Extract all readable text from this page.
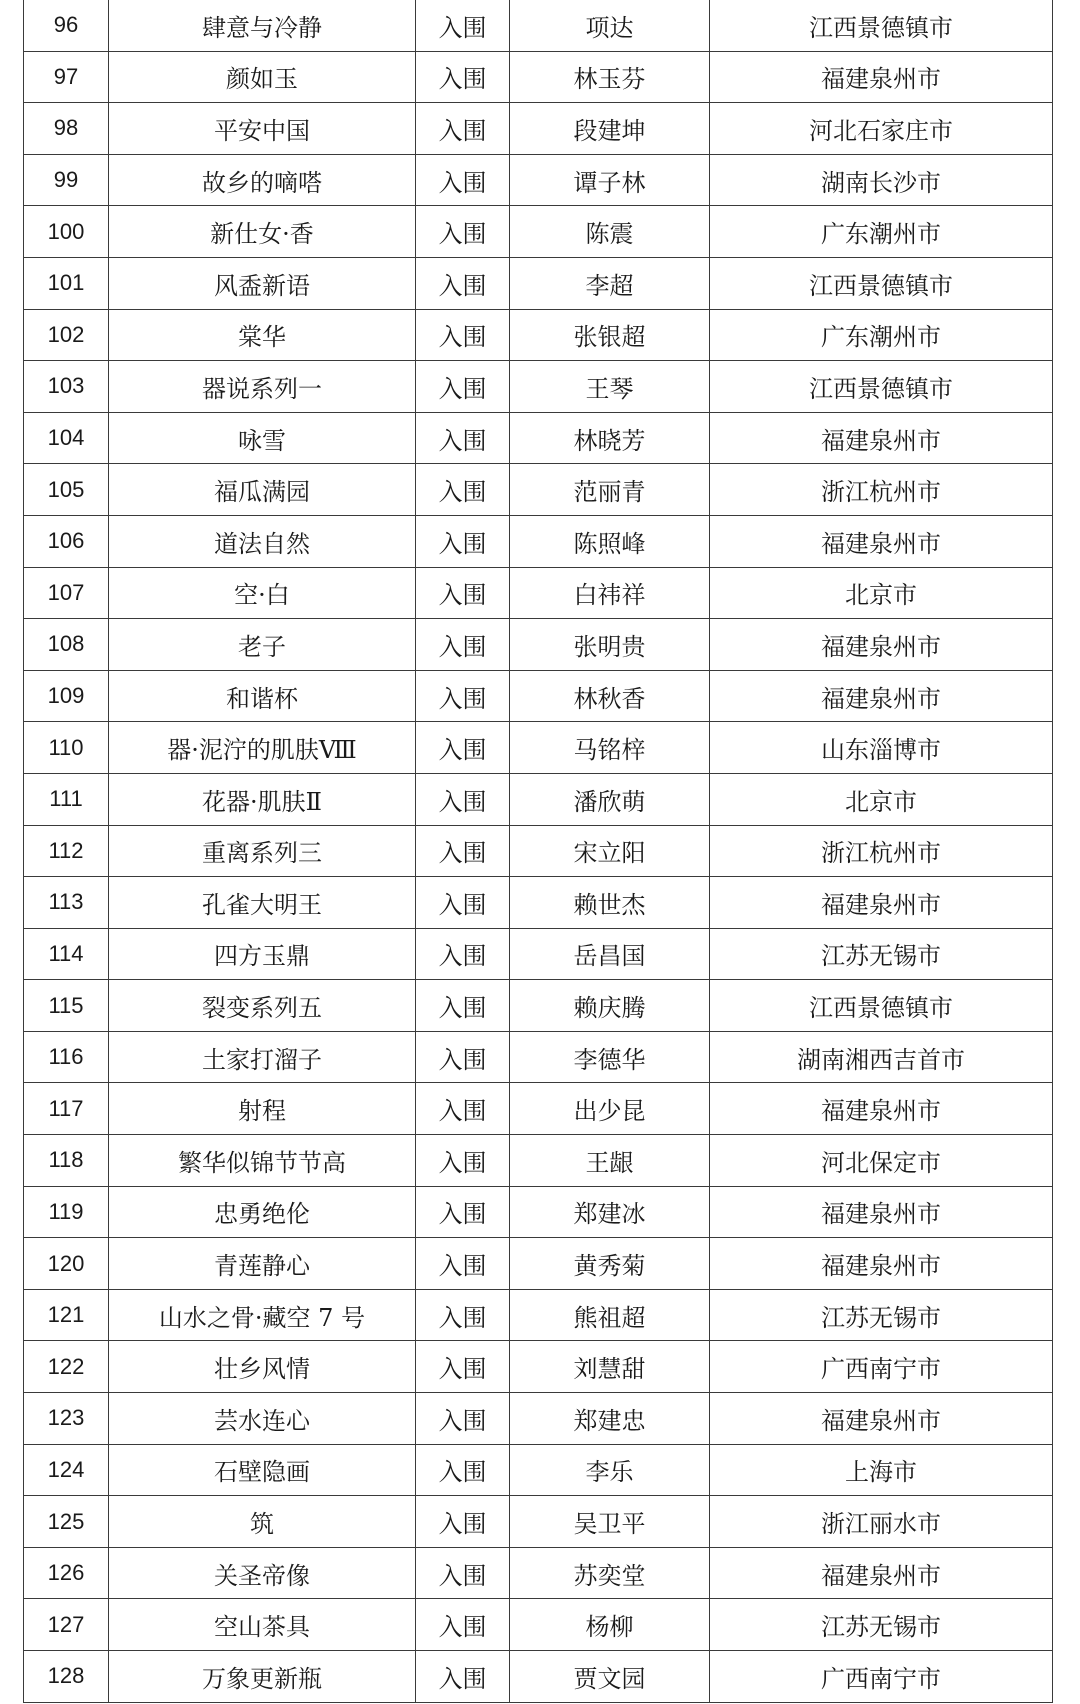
96	肆意与冷静	入围	项达	江西景德镇市
97	颜如玉	入围	林玉芬	福建泉州市
98	平安中国	入围	段建坤	河北石家庄市
99	故乡的嘀嗒	入围	谭子林	湖南长沙市
100	新仕女·香	入围	陈震	广东潮州市
101	风盉新语	入围	李超	江西景德镇市
102	棠华	入围	张银超	广东潮州市
103	器说系列一	入围	王琴	江西景德镇市
104	咏雪	入围	林晓芳	福建泉州市
105	福瓜满园	入围	范丽青	浙江杭州市
106	道法自然	入围	陈照峰	福建泉州市
107	空·白	入围	白祎祥	北京市
108	老子	入围	张明贵	福建泉州市
109	和谐杯	入围	林秋香	福建泉州市
110	器·泥泞的肌肤Ⅷ	入围	马铭梓	山东淄博市
111	花器·肌肤Ⅱ	入围	潘欣萌	北京市
112	重离系列三	入围	宋立阳	浙江杭州市
113	孔雀大明王	入围	赖世杰	福建泉州市
114	四方玉鼎	入围	岳昌国	江苏无锡市
115	裂变系列五	入围	赖庆腾	江西景德镇市
116	土家打溜子	入围	李德华	湖南湘西吉首市
117	射程	入围	出少昆	福建泉州市
118	繁华似锦节节高	入围	王龈	河北保定市
119	忠勇绝伦	入围	郑建冰	福建泉州市
120	青莲静心	入围	黄秀菊	福建泉州市
121	山水之骨·藏空 7 号	入围	熊祖超	江苏无锡市
122	壮乡风情	入围	刘慧甜	广西南宁市
123	芸水连心	入围	郑建忠	福建泉州市
124	石壁隐画	入围	李乐	上海市
125	筑	入围	吴卫平	浙江丽水市
126	关圣帝像	入围	苏奕堂	福建泉州市
127	空山茶具	入围	杨柳	江苏无锡市
128	万象更新瓶	入围	贾文园	广西南宁市
